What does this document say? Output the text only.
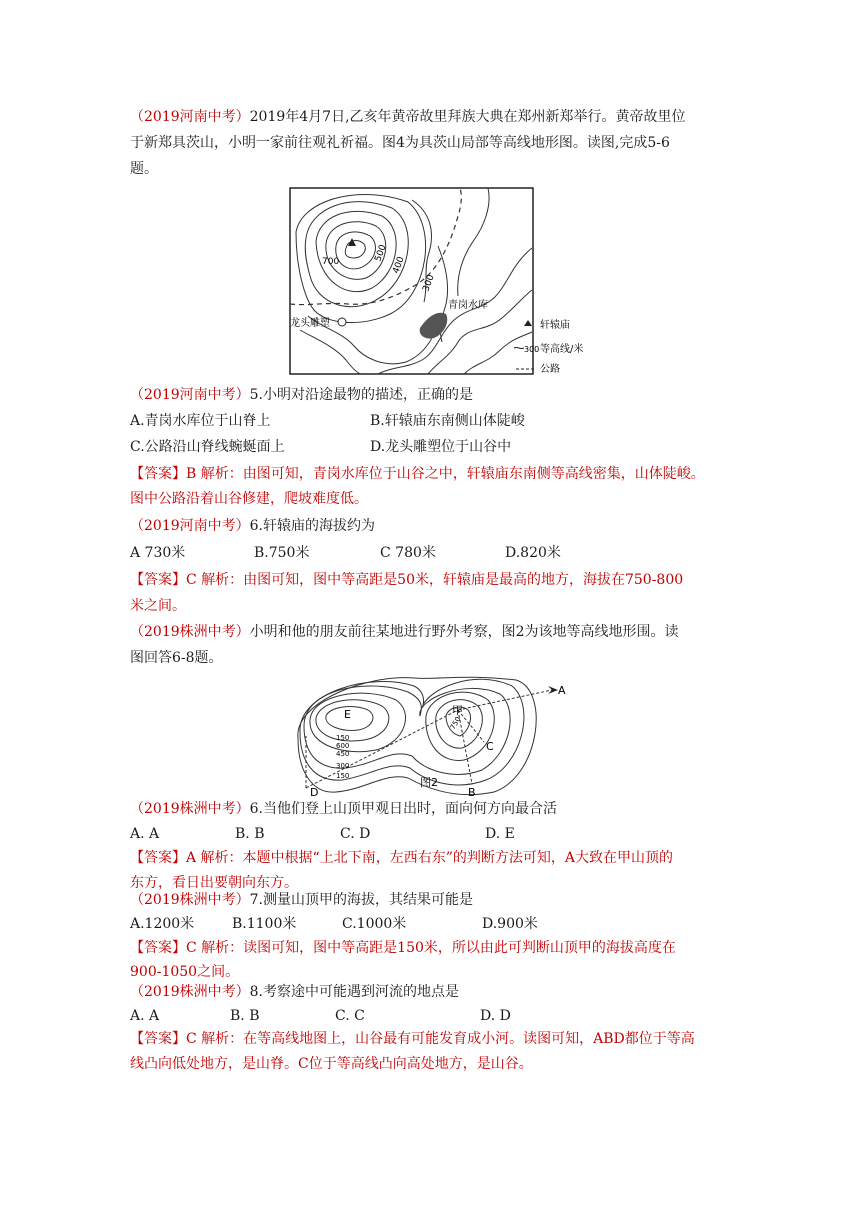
（2019河南中考）2019年4月7日,乙亥年黄帝故里拜族大典在郑州新郑举行。黄帝故里位
于新郑具茨山，小明一家前往观礼祈福。图4为具茨山局部等高线地形图。读图,完成5-6
题。
700	500
400
300
青岗水库
龙头雕塑	轩辕庙
300 等高线/米
公路
（2019河南中考）5.小明对沿途最物的描述，正确的是
A.青岗水库位于山脊上	B.轩辕庙东南侧山体陡峻
C.公路沿山脊线蜿蜒面上	D.龙头雕塑位于山谷中
【答案】B 解析：由图可知，青岗水库位于山谷之中，轩辕庙东南侧等高线密集，山体陡峻。
图中公路沿着山谷修建，爬坡难度低。
（2019河南中考）6.轩辕庙的海拔约为
A 730米	B.750米	C 780米	D.820米
【答案】C 解析：由图可知，图中等高距是50米，轩辕庙是最高的地方，海拔在750-800
米之间。
（2019株洲中考）小明和他的朋友前往某地进行野外考察，图2为该地等高线地形围。读
图回答6-8题。
A
B
C
D
E	甲
150
600
450
300
150
750
图2
（2019株洲中考）6.当他们登上山顶甲观日出时，面向何方向最合活
A. A	B. B	C. D	D. E
【答案】A 解析：本题中根据“上北下南，左西右东”的判断方法可知，A大致在甲山顶的
东方，看日出要朝向东方。
（2019株洲中考）7.测量山顶甲的海拔，其结果可能是
A.1200米	B.1100米	C.1000米	D.900米
【答案】C 解析：读图可知，图中等高距是150米，所以由此可判断山顶甲的海拔高度在
900-1050之间。
（2019株洲中考）8.考察途中可能遇到河流的地点是
A. A	B. B	C. C	D. D
【答案】C 解析：在等高线地图上，山谷最有可能发育成小河。读图可知，ABD都位于等高
线凸向低处地方，是山脊。C位于等高线凸向高处地方，是山谷。
